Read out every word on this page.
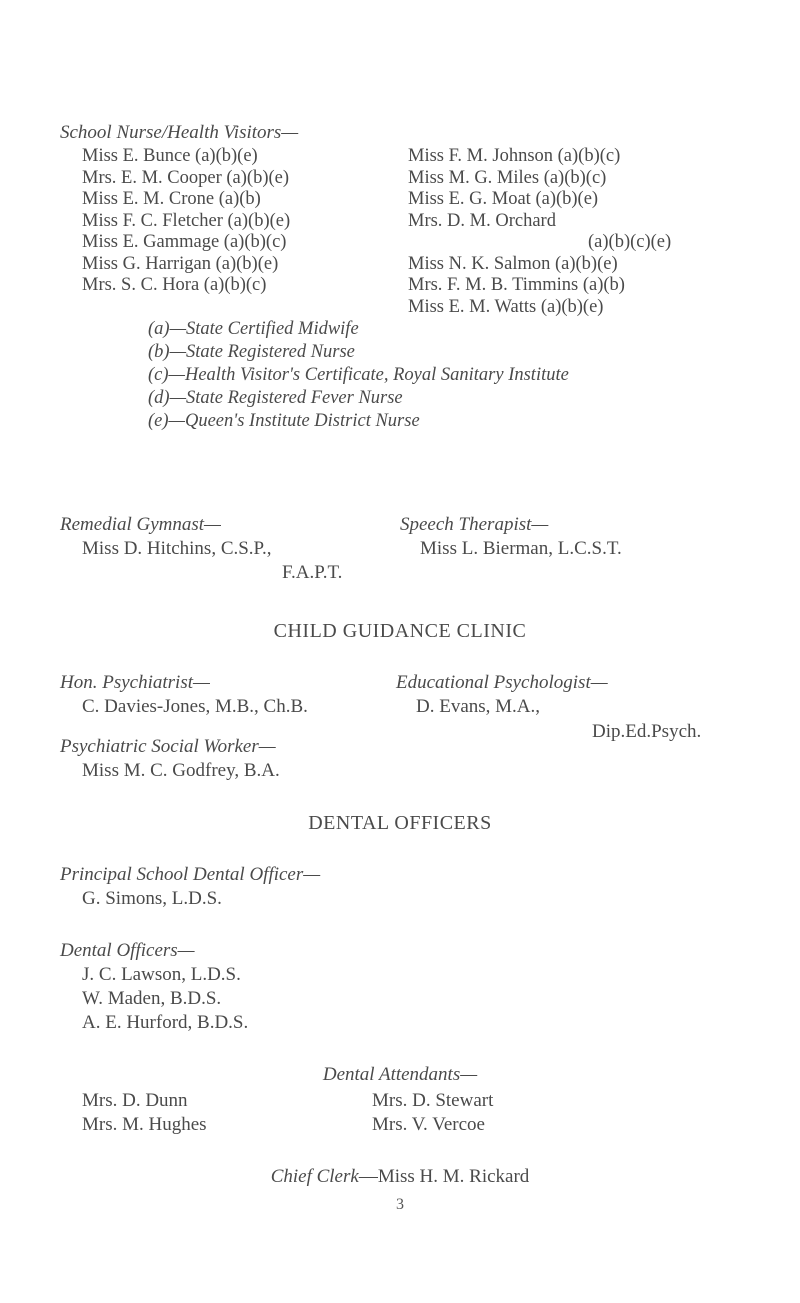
School Nurse/Health Visitors—
Miss E. Bunce (a)(b)(e)
Mrs. E. M. Cooper (a)(b)(e)
Miss E. M. Crone (a)(b)
Miss F. C. Fletcher (a)(b)(e)
Miss E. Gammage (a)(b)(c)
Miss G. Harrigan (a)(b)(e)
Mrs. S. C. Hora (a)(b)(c)
Miss F. M. Johnson (a)(b)(c)
Miss M. G. Miles (a)(b)(c)
Miss E. G. Moat (a)(b)(e)
Mrs. D. M. Orchard
(a)(b)(c)(e)
Miss N. K. Salmon (a)(b)(e)
Mrs. F. M. B. Timmins (a)(b)
Miss E. M. Watts (a)(b)(e)
(a)—State Certified Midwife
(b)—State Registered Nurse
(c)—Health Visitor's Certificate, Royal Sanitary Institute
(d)—State Registered Fever Nurse
(e)—Queen's Institute District Nurse
Remedial Gymnast—
Miss D. Hitchins, C.S.P.,
F.A.P.T.
Speech Therapist—
Miss L. Bierman, L.C.S.T.
CHILD GUIDANCE CLINIC
Hon. Psychiatrist—
C. Davies-Jones, M.B., Ch.B.
Educational Psychologist—
D. Evans, M.A.,
Dip.Ed.Psych.
Psychiatric Social Worker—
Miss M. C. Godfrey, B.A.
DENTAL OFFICERS
Principal School Dental Officer—
G. Simons, L.D.S.
Dental Officers—
J. C. Lawson, L.D.S.
W. Maden, B.D.S.
A. E. Hurford, B.D.S.
Dental Attendants—
Mrs. D. Dunn
Mrs. M. Hughes
Mrs. D. Stewart
Mrs. V. Vercoe
Chief Clerk—Miss H. M. Rickard
3
